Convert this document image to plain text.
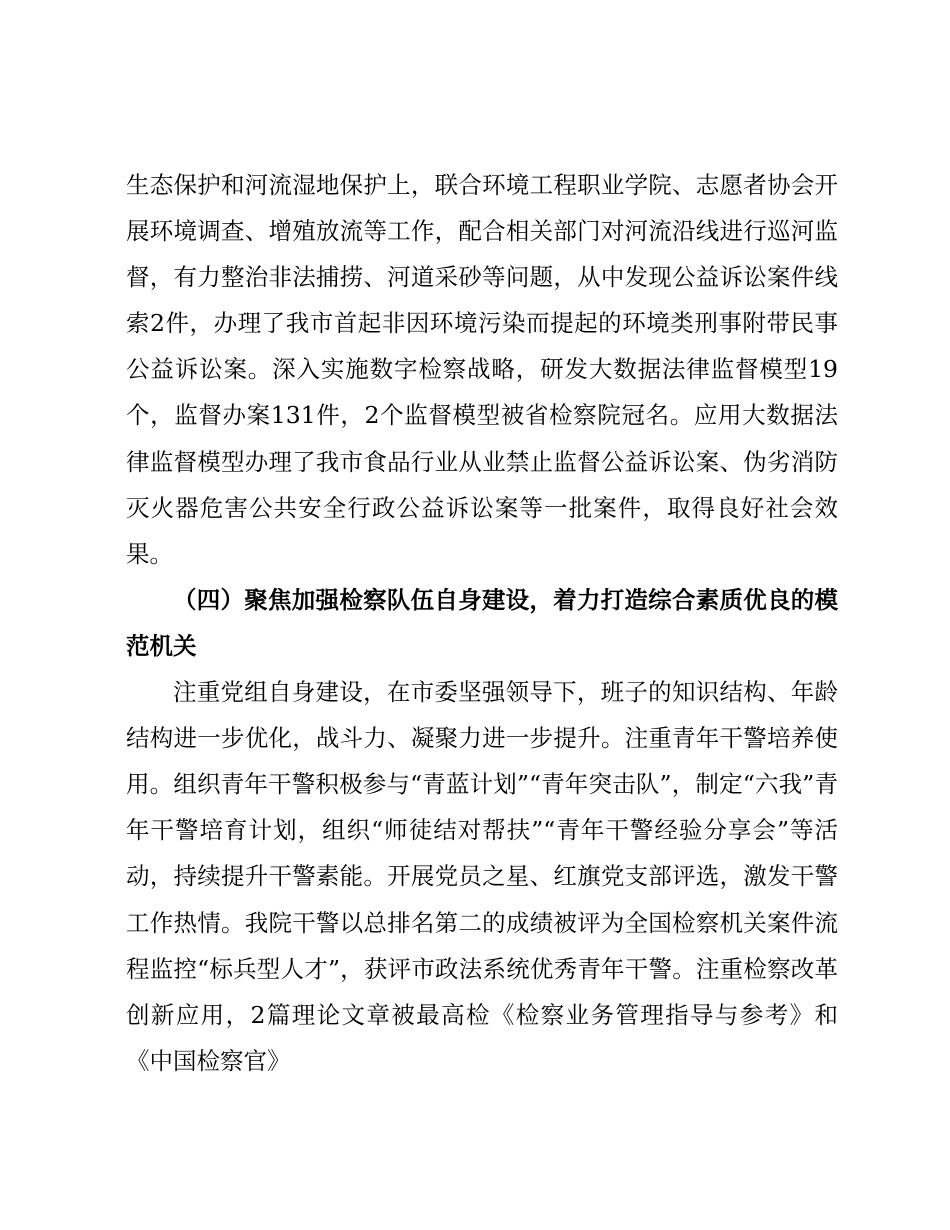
生态保护和河流湿地保护上，联合环境工程职业学院、志愿者协会开展环境调查、增殖放流等工作，配合相关部门对河流沿线进行巡河监督，有力整治非法捕捞、河道采砂等问题，从中发现公益诉讼案件线索2件，办理了我市首起非因环境污染而提起的环境类刑事附带民事公益诉讼案。深入实施数字检察战略，研发大数据法律监督模型19个，监督办案131件，2个监督模型被省检察院冠名。应用大数据法律监督模型办理了我市食品行业从业禁止监督公益诉讼案、伪劣消防灭火器危害公共安全行政公益诉讼案等一批案件，取得良好社会效果。

（四）聚焦加强检察队伍自身建设，着力打造综合素质优良的模范机关

注重党组自身建设，在市委坚强领导下，班子的知识结构、年龄结构进一步优化，战斗力、凝聚力进一步提升。注重青年干警培养使用。组织青年干警积极参与“青蓝计划”“青年突击队”，制定“六我”青年干警培育计划，组织“师徒结对帮扶”“青年干警经验分享会”等活动，持续提升干警素能。开展党员之星、红旗党支部评选，激发干警工作热情。我院干警以总排名第二的成绩被评为全国检察机关案件流程监控“标兵型人才”，获评市政法系统优秀青年干警。注重检察改革创新应用，2篇理论文章被最高检《检察业务管理指导与参考》和《中国检察官》
